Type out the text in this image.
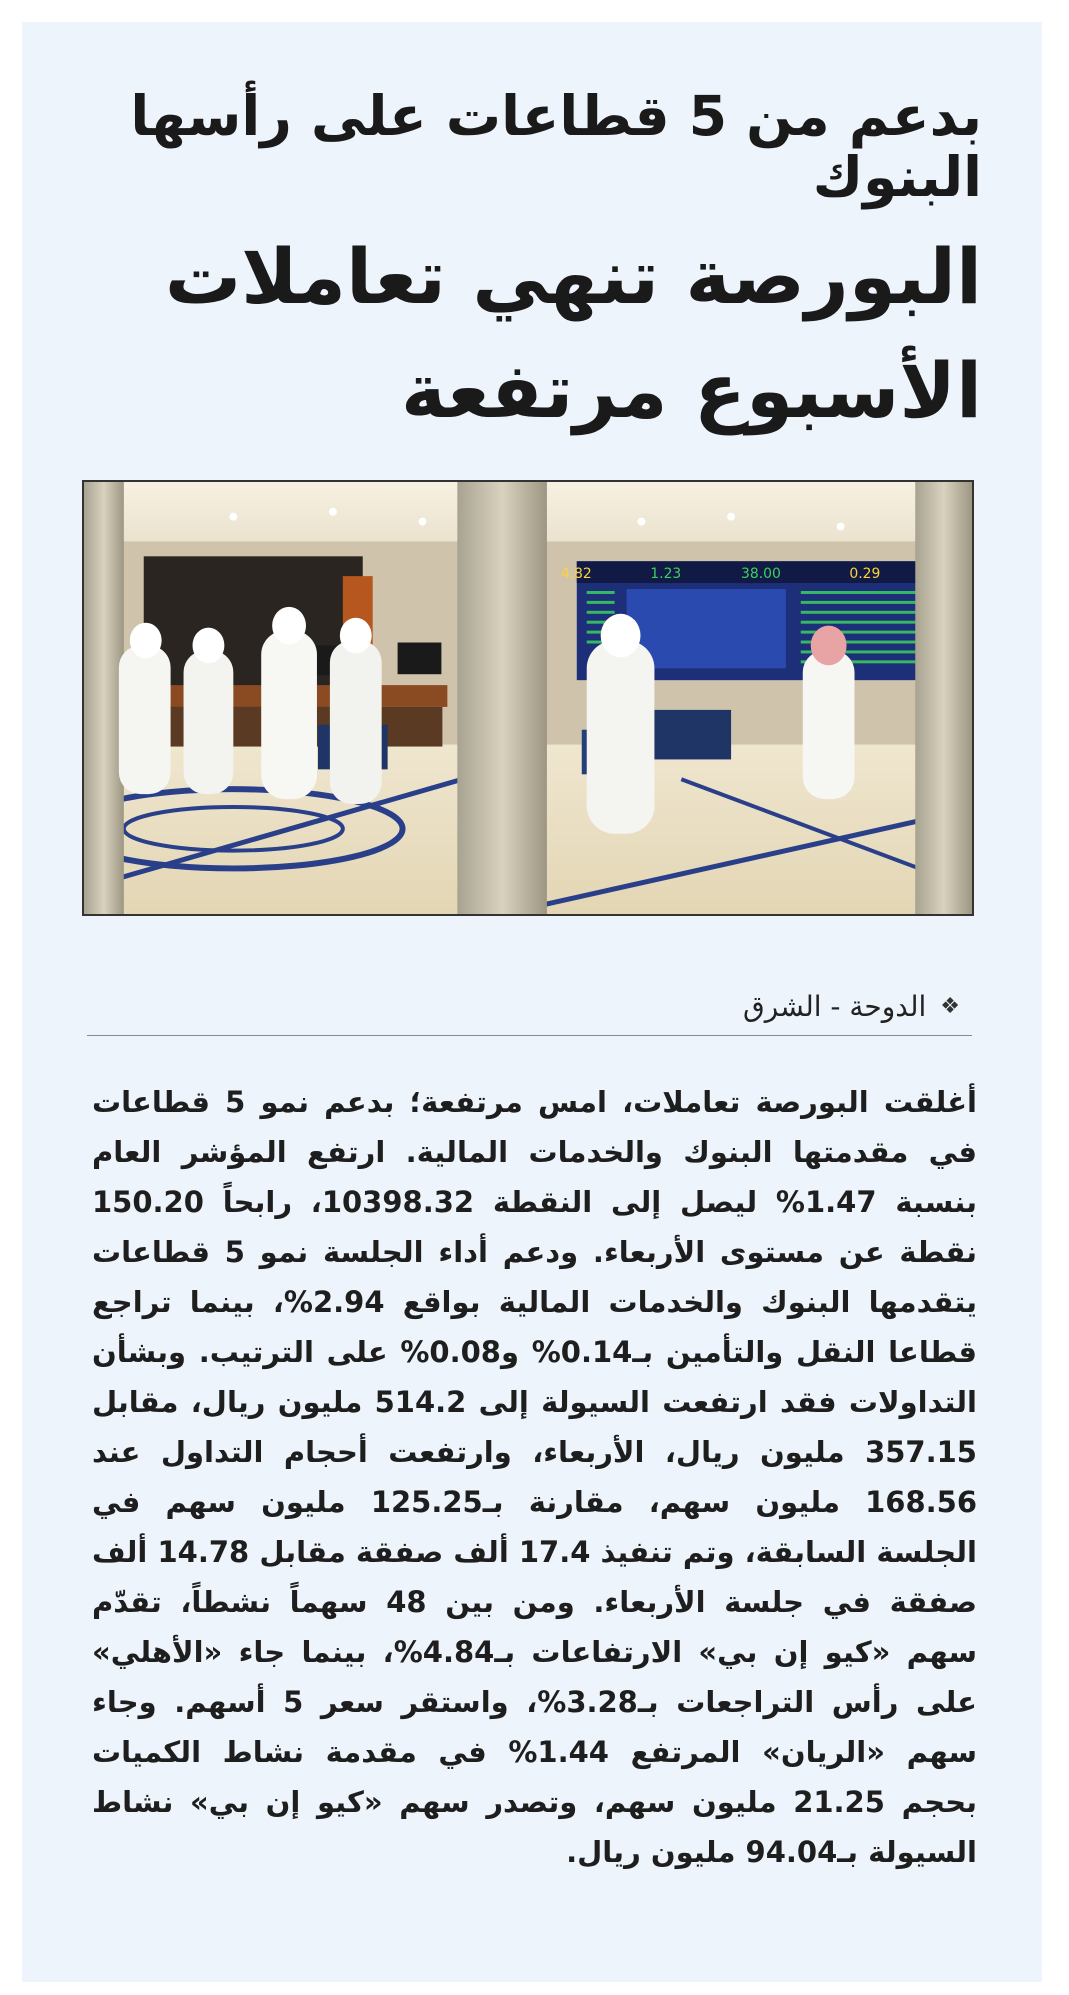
بدعم من 5 قطاعات على رأسها البنوك
البورصة تنهي تعاملات الأسبوع مرتفعة
4.82	1.23	38.00	0.29
❖
الدوحة - الشرق

أغلقت البورصة تعاملات، امس مرتفعة؛ بدعم نمو 5 قطاعات في مقدمتها البنوك والخدمات المالية. ارتفع المؤشر العام بنسبة 1.47% ليصل إلى النقطة 10398.32، رابحاً 150.20 نقطة عن مستوى الأربعاء. ودعم أداء الجلسة نمو 5 قطاعات يتقدمها البنوك والخدمات المالية بواقع 2.94%، بينما تراجع قطاعا النقل والتأمين بـ0.14% و0.08% على الترتيب. وبشأن التداولات فقد ارتفعت السيولة إلى 514.2 مليون ريال، مقابل 357.15 مليون ريال، الأربعاء، وارتفعت أحجام التداول عند 168.56 مليون سهم، مقارنة بـ125.25 مليون سهم في الجلسة السابقة، وتم تنفيذ 17.4 ألف صفقة مقابل 14.78 ألف صفقة في جلسة الأربعاء. ومن بين 48 سهماً نشطاً، تقدّم سهم «كيو إن بي» الارتفاعات بـ4.84%، بينما جاء «الأهلي» على رأس التراجعات بـ3.28%، واستقر سعر 5 أسهم. وجاء سهم «الريان» المرتفع 1.44% في مقدمة نشاط الكميات بحجم 21.25 مليون سهم، وتصدر سهم «كيو إن بي» نشاط السيولة بـ94.04 مليون ريال.
